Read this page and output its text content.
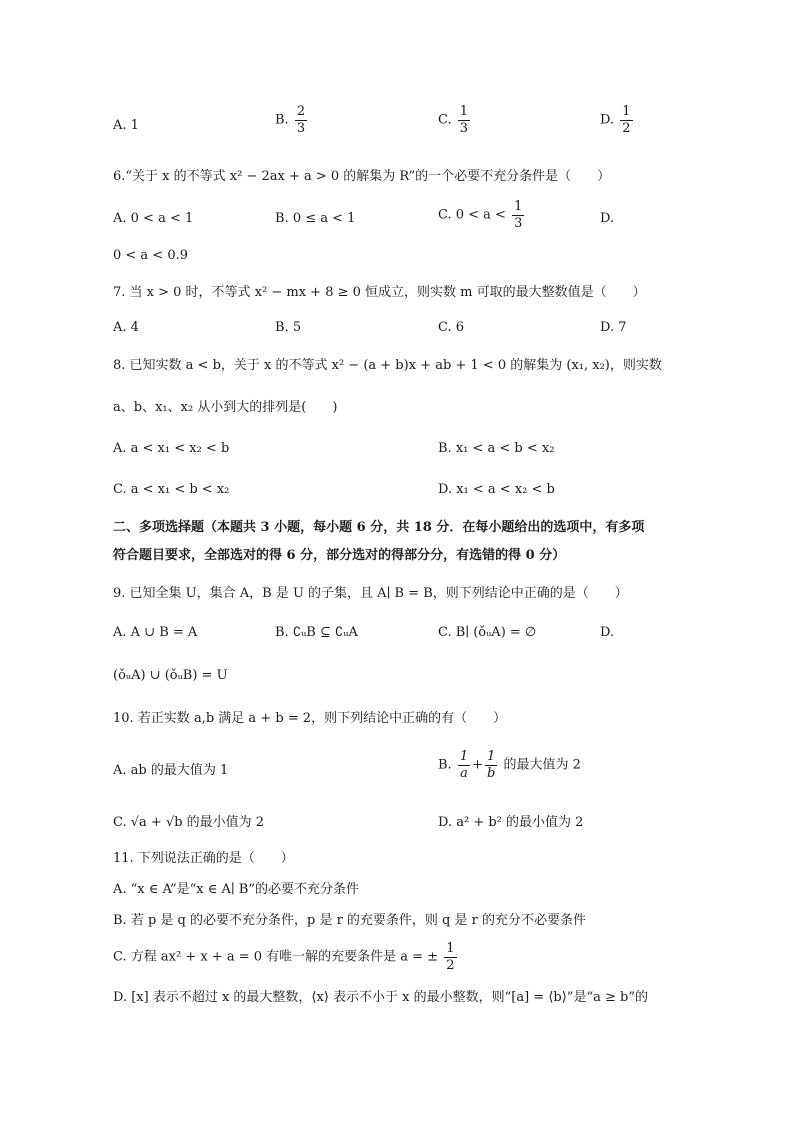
A. 1	B. $\frac{2}{3}$	C. $\frac{1}{3}$	D. $\frac{1}{2}$
6.“关于 x 的不等式 x² − 2ax + a > 0 的解集为 R”的一个必要不充分条件是（　　）
A. 0 < a < 1	B. 0 ≤ a < 1	C. $0 < a < \frac{1}{3}$	D.
0 < a < 0.9
7. 当 x > 0 时，不等式 x² − mx + 8 ≥ 0 恒成立，则实数 m 可取的最大整数值是（　　）
A. 4	B. 5	C. 6	D. 7
8. 已知实数 a < b，关于 x 的不等式 x² − (a + b)x + ab + 1 < 0 的解集为 (x₁, x₂)，则实数
a、b、x₁、x₂ 从小到大的排列是(　　)
A. a < x₁ < x₂ < b	B. x₁ < a < b < x₂
C. a < x₁ < b < x₂	D. x₁ < a < x₂ < b
二、多项选择题（本题共 3 小题，每小题 6 分，共 18 分．在每小题给出的选项中，有多项
符合题目要求，全部选对的得 6 分，部分选对的得部分分，有选错的得 0 分）
9. 已知全集 U，集合 A，B 是 U 的子集，且 A∣ B = B，则下列结论中正确的是（　　）
A. A ∪ B = A	B. ∁ᵤB ⊆ ∁ᵤA	C. B∣ (ǒᵤA) = ∅	D.
(ǒᵤA) ∪ (ǒᵤB) = U
10. 若正实数 a,b 满足 a + b = 2，则下列结论中正确的有（　　）
A. ab 的最大值为 1	B. $\frac{1}{a} + \frac{1}{b}$ 的最大值为 2
C. √a + √b 的最小值为 2	D. a² + b² 的最小值为 2
11. 下列说法正确的是（　　）
A. “x ∈ A”是“x ∈ A∣ B”的必要不充分条件
B. 若 p 是 q 的必要不充分条件，p 是 r 的充要条件，则 q 是 r 的充分不必要条件
C. 方程 ax² + x + a = 0 有唯一解的充要条件是 a = ± $\frac{1}{2}$
D. [x] 表示不超过 x 的最大整数，⟨x⟩ 表示不小于 x 的最小整数，则“[a] = ⟨b⟩”是“a ≥ b”的
